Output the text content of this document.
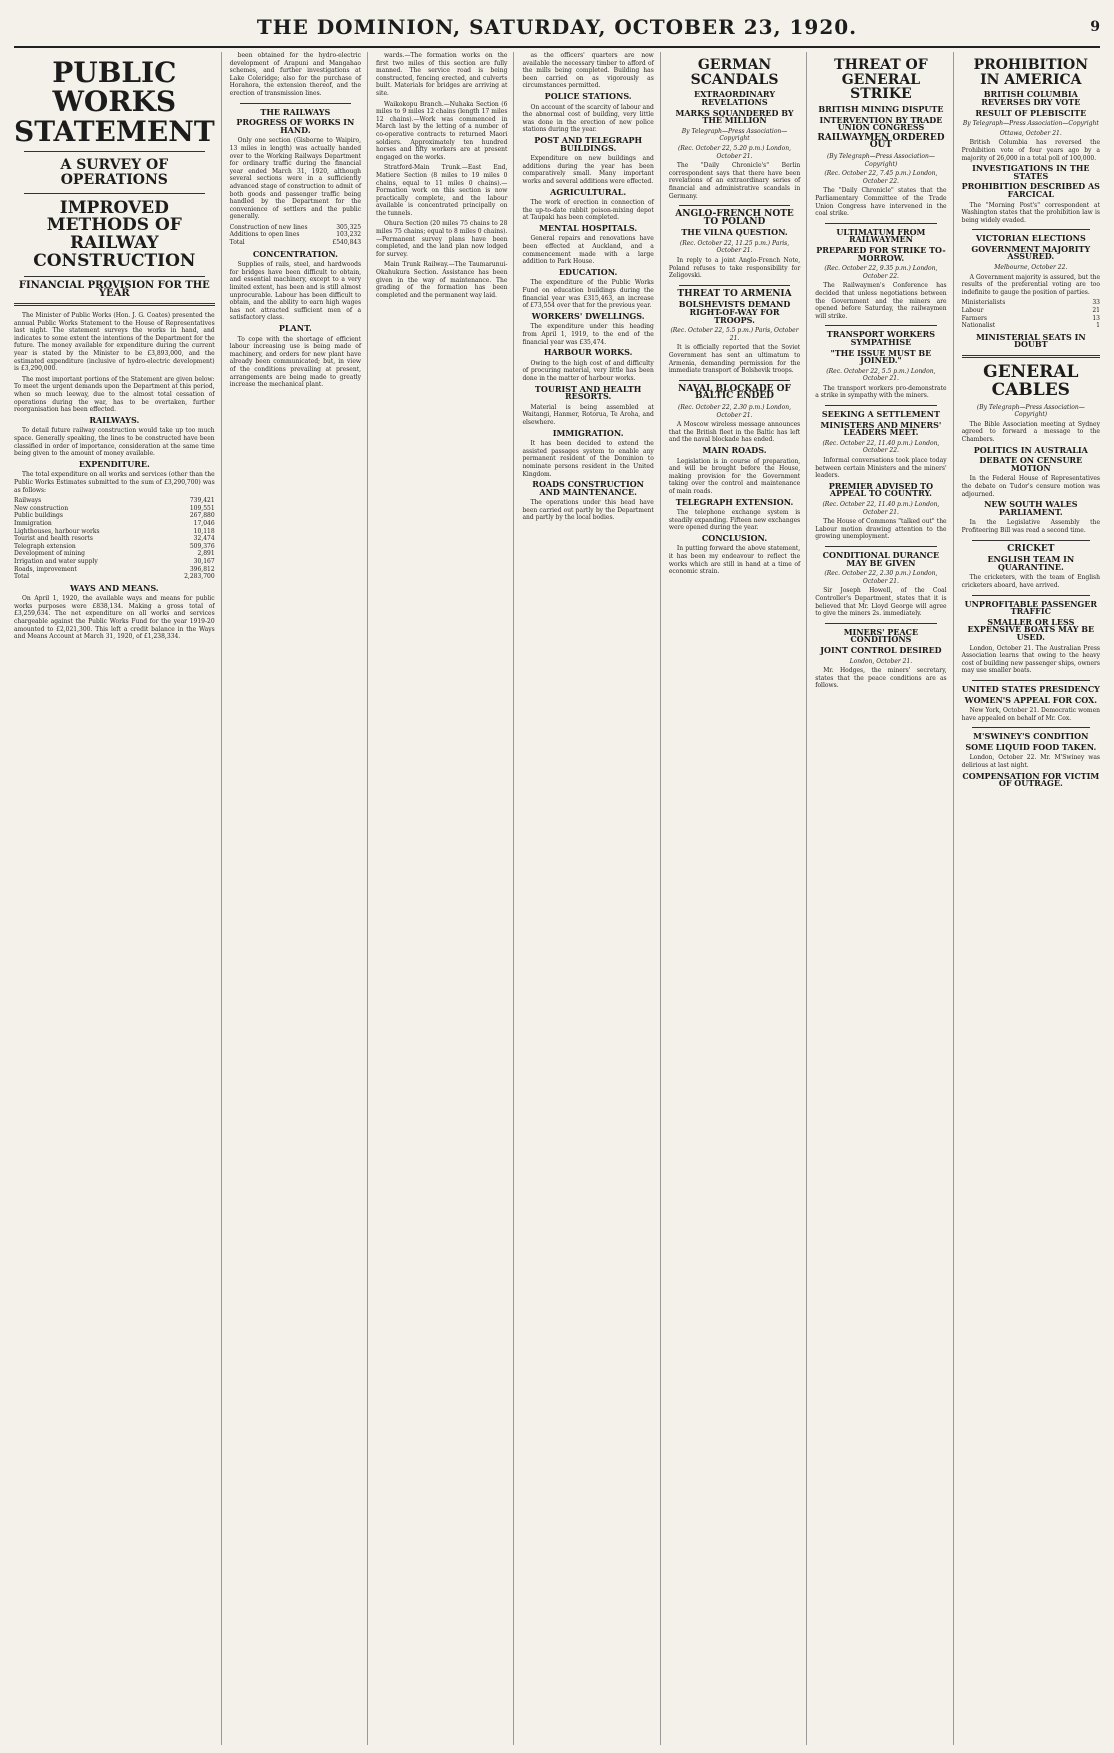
THE DOMINION, SATURDAY, OCTOBER 23, 1920.	9
PUBLIC WORKS STATEMENT
A SURVEY OF OPERATIONS
IMPROVED METHODS OF RAILWAY CONSTRUCTION
FINANCIAL PROVISION FOR THE YEAR

The Minister of Public Works (Hon. J. G. Coates) presented the annual Public Works Statement to the House of Representatives last night. The statement surveys the works in hand, and indicates to some extent the intentions of the Department for the future. The money available for expenditure during the current year is stated by the Minister to be £3,893,000, and the estimated expenditure (inclusive of hydro-electric development) is £3,290,000.

The most important portions of the Statement are given below: To meet the urgent demands upon the Department at this period, when so much leeway, due to the almost total cessation of operations during the war, has to be overtaken, further reorganisation has been effected.

RAILWAYS.

To detail future railway construction would take up too much space. Generally speaking, the lines to be constructed have been classified in order of importance, consideration at the same time being given to the amount of money available.

EXPENDITURE.

The total expenditure on all works and services (other than the Public Works Estimates submitted to the sum of £3,290,700) was as follows:

Railways	739,421
New construction	109,551
Public buildings	267,880
Immigration	17,046
Lighthouses, harbour works	10,118
Tourist and health resorts	32,474
Telegraph extension	509,376
Development of mining	2,891
Irrigation and water supply	30,167
Roads, improvement	396,812
Total	2,283,700
WAYS AND MEANS.

On April 1, 1920, the available ways and means for public works purposes were £838,134. Making a gross total of £3,259,634. The net expenditure on all works and services chargeable against the Public Works Fund for the year 1919-20 amounted to £2,021,300. This left a credit balance in the Ways and Means Account at March 31, 1920, of £1,238,334.

been obtained for the hydro-electric development of Arapuni and Mangahao schemes, and further investigations at Lake Coleridge; also for the purchase of Horahora, the extension thereof, and the erection of transmission lines.

THE RAILWAYS
PROGRESS OF WORKS IN HAND.

Only one section (Gisborne to Waipiro, 13 miles in length) was actually handed over to the Working Railways Department for ordinary traffic during the financial year ended March 31, 1920, although several sections were in a sufficiently advanced stage of construction to admit of both goods and passenger traffic being handled by the Department for the convenience of settlers and the public generally.

Construction of new lines	305,325
Additions to open lines	103,232
Total	£540,843
CONCENTRATION.

Supplies of rails, steel, and hardwoods for bridges have been difficult to obtain, and essential machinery, except to a very limited extent, has been and is still almost unprocurable. Labour has been difficult to obtain, and the ability to earn high wages has not attracted sufficient men of a satisfactory class.

PLANT.

To cope with the shortage of efficient labour increasing use is being made of machinery, and orders for new plant have already been communicated; but, in view of the conditions prevailing at present, arrangements are being made to greatly increase the mechanical plant.

wards.—The formation works on the first two miles of this section are fully manned. The service road is being constructed, fencing erected, and culverts built. Materials for bridges are arriving at site.

Waikokopu Branch.—Nuhaka Section (6 miles to 9 miles 12 chains (length 17 miles 12 chains).—Work was commenced in March last by the letting of a number of co-operative contracts to returned Maori soldiers. Approximately ten hundred horses and fifty workers are at present engaged on the works.

Stratford-Main Trunk.—East End, Matiere Section (8 miles to 19 miles 0 chains, equal to 11 miles 0 chains).—Formation work on this section is now practically complete, and the labour available is concentrated principally on the tunnels.

Ohura Section (20 miles 75 chains to 28 miles 75 chains; equal to 8 miles 0 chains).—Permanent survey plans have been completed, and the land plan now lodged for survey.

Main Trunk Railway.—The Taumarunui-Okahukura Section. Assistance has been given in the way of maintenance. The grading of the formation has been completed and the permanent way laid.

as the officers' quarters are now available the necessary timber to afford of the mills being completed. Building has been carried on as vigorously as circumstances permitted.

POLICE STATIONS.

On account of the scarcity of labour and the abnormal cost of building, very little was done in the erection of new police stations during the year.

POST AND TELEGRAPH BUILDINGS.

Expenditure on new buildings and additions during the year has been comparatively small. Many important works and several additions were effected.

AGRICULTURAL.

The work of erection in connection of the up-to-date rabbit poison-mixing depot at Taupaki has been completed.

MENTAL HOSPITALS.

General repairs and renovations have been effected at Auckland, and a commencement made with a large addition to Park House.

EDUCATION.

The expenditure of the Public Works Fund on education buildings during the financial year was £315,463, an increase of £73,554 over that for the previous year.

WORKERS' DWELLINGS.

The expenditure under this heading from April 1, 1919, to the end of the financial year was £35,474.

HARBOUR WORKS.

Owing to the high cost of and difficulty of procuring material, very little has been done in the matter of harbour works.

TOURIST AND HEALTH RESORTS.

Material is being assembled at Waitangi, Hanmer, Rotorua, Te Aroha, and elsewhere.

IMMIGRATION.

It has been decided to extend the assisted passages system to enable any permanent resident of the Dominion to nominate persons resident in the United Kingdom.

ROADS CONSTRUCTION AND MAINTENANCE.

The operations under this head have been carried out partly by the Department and partly by the local bodies.

GERMAN SCANDALS
EXTRAORDINARY REVELATIONS
MARKS SQUANDERED BY THE MILLION
By Telegraph—Press Association—Copyright
(Rec. October 22, 5.20 p.m.) London, October 21.

The "Daily Chronicle's" Berlin correspondent says that there have been revelations of an extraordinary series of financial and administrative scandals in Germany.

ANGLO-FRENCH NOTE TO POLAND
THE VILNA QUESTION.
(Rec. October 22, 11.25 p.m.) Paris, October 21.

In reply to a joint Anglo-French Note, Poland refuses to take responsibility for Zeligovski.

THREAT TO ARMENIA
BOLSHEVISTS DEMAND RIGHT-OF-WAY FOR TROOPS.
(Rec. October 22, 5.5 p.m.) Paris, October 21.

It is officially reported that the Soviet Government has sent an ultimatum to Armenia, demanding permission for the immediate transport of Bolshevik troops.

NAVAL BLOCKADE OF BALTIC ENDED
(Rec. October 22, 2.30 p.m.) London, October 21.

A Moscow wireless message announces that the British fleet in the Baltic has left and the naval blockade has ended.

MAIN ROADS.

Legislation is in course of preparation, and will be brought before the House, making provision for the Government taking over the control and maintenance of main roads.

TELEGRAPH EXTENSION.

The telephone exchange system is steadily expanding. Fifteen new exchanges were opened during the year.

CONCLUSION.

In putting forward the above statement, it has been my endeavour to reflect the works which are still in hand at a time of economic strain.

THREAT OF GENERAL STRIKE
BRITISH MINING DISPUTE
INTERVENTION BY TRADE UNION CONGRESS
RAILWAYMEN ORDERED OUT
(By Telegraph—Press Association—Copyright)
(Rec. October 22, 7.45 p.m.) London, October 22.

The "Daily Chronicle" states that the Parliamentary Committee of the Trade Union Congress have intervened in the coal strike.

ULTIMATUM FROM RAILWAYMEN
PREPARED FOR STRIKE TO-MORROW.
(Rec. October 22, 9.35 p.m.) London, October 22.

The Railwaymen's Conference has decided that unless negotiations between the Government and the miners are opened before Saturday, the railwaymen will strike.

TRANSPORT WORKERS SYMPATHISE
"THE ISSUE MUST BE JOINED."
(Rec. October 22, 5.5 p.m.) London, October 21.

The transport workers pro-demonstrate a strike in sympathy with the miners.

SEEKING A SETTLEMENT
MINISTERS AND MINERS' LEADERS MEET.
(Rec. October 22, 11.40 p.m.) London, October 22.

Informal conversations took place today between certain Ministers and the miners' leaders.

PREMIER ADVISED TO APPEAL TO COUNTRY.
(Rec. October 22, 11.40 p.m.) London, October 21.

The House of Commons "talked out" the Labour motion drawing attention to the growing unemployment.

CONDITIONAL DURANCE MAY BE GIVEN
(Rec. October 22, 2.30 p.m.) London, October 21.

Sir Joseph Howell, of the Coal Controller's Department, states that it is believed that Mr. Lloyd George will agree to give the miners 2s. immediately.

MINERS' PEACE CONDITIONS
JOINT CONTROL DESIRED
London, October 21.

Mr. Hodges, the miners' secretary, states that the peace conditions are as follows.

PROHIBITION IN AMERICA
BRITISH COLUMBIA REVERSES DRY VOTE
RESULT OF PLEBISCITE
By Telegraph—Press Association—Copyright
Ottawa, October 21.

British Columbia has reversed the Prohibition vote of four years ago by a majority of 26,000 in a total poll of 100,000.

INVESTIGATIONS IN THE STATES
PROHIBITION DESCRIBED AS FARCICAL

The "Morning Post's" correspondent at Washington states that the prohibition law is being widely evaded.

VICTORIAN ELECTIONS
GOVERNMENT MAJORITY ASSURED.
Melbourne, October 22.

A Government majority is assured, but the results of the preferential voting are too indefinite to gauge the position of parties.

Ministerialists	33
Labour	21
Farmers	13
Nationalist	1
MINISTERIAL SEATS IN DOUBT
GENERAL CABLES
(By Telegraph—Press Association—Copyright)

The Bible Association meeting at Sydney agreed to forward a message to the Chambers.

POLITICS IN AUSTRALIA
DEBATE ON CENSURE MOTION

In the Federal House of Representatives the debate on Tudor's censure motion was adjourned.

NEW SOUTH WALES PARLIAMENT.

In the Legislative Assembly the Profiteering Bill was read a second time.

CRICKET
ENGLISH TEAM IN QUARANTINE.

The cricketers, with the team of English cricketers aboard, have arrived.

UNPROFITABLE PASSENGER TRAFFIC
SMALLER OR LESS EXPENSIVE BOATS MAY BE USED.

London, October 21. The Australian Press Association learns that owing to the heavy cost of building new passenger ships, owners may use smaller boats.

UNITED STATES PRESIDENCY
WOMEN'S APPEAL FOR COX.

New York, October 21. Democratic women have appealed on behalf of Mr. Cox.

M'SWINEY'S CONDITION
SOME LIQUID FOOD TAKEN.

London, October 22. Mr. M'Swiney was delirious at last night.

COMPENSATION FOR VICTIM OF OUTRAGE.
